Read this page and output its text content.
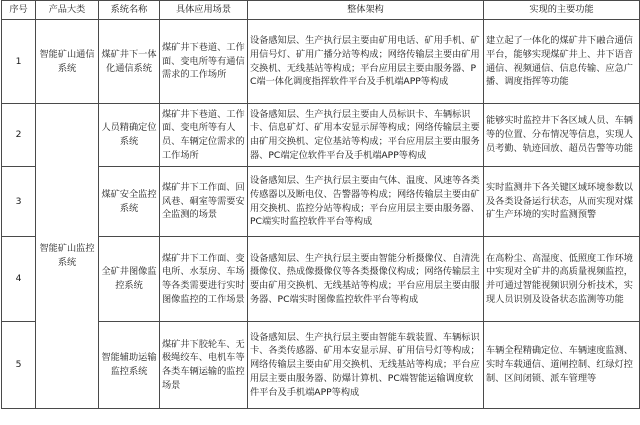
序号	产品大类	系统名称	具体应用场景	整体架构	实现的主要功能
1	智能矿山通信系统	煤矿井下一体化通信系统	煤矿井下巷道、工作面、变电所等有通信需求的工作场所	设备感知层、生产执行层主要由矿用电话、矿用手机、矿用信号灯、矿用广播分站等构成；网络传输层主要由矿用交换机、无线基站等构成；平台应用层主要由服务器、PC端一体化调度指挥软件平台及手机端APP等构成	建立起了一体化的煤矿井下融合通信平台，能够实现煤矿井上、井下语音通信、视频通信、信息传输、应急广播、调度指挥等功能
2	智能矿山监控系统	人员精确定位系统	煤矿井下巷道、工作面、变电所等有人员、车辆定位需求的工作场所	设备感知层、生产执行层主要由人员标识卡、车辆标识卡、信息矿灯、矿用本安显示屏等构成；网络传输层主要由矿用交换机、定位基站等构成；平台应用层主要由服务器、PC端定位软件平台及手机端APP等构成	能够实时监控井下各区域人员、车辆等的位置、分布情况等信息，实现人员考勤、轨迹回放、超员告警等功能
3		煤矿安全监控系统	煤矿井下工作面、回风巷、硐室等需要安全监测的场景	设备感知层、生产执行层主要由气体、温度、风速等各类传感器以及断电仪、告警器等构成；网络传输层主要由矿用交换机、监控分站等构成；平台应用层主要由服务器、PC端实时监控软件平台等构成	实时监测井下各关键区域环境参数以及各类设备运行状态，从而实现对煤矿生产环境的实时监测预警
4		全矿井图像监控系统	煤矿井下工作面、变电所、水泵房、车场等各类需要进行实时图像监控的工作场景	设备感知层、生产执行层主要由智能分析摄像仪、自清洗摄像仪、热成像摄像仪等各类摄像仪构成；网络传输层主要由矿用交换机、无线基站等构成；平台应用层主要由服务器、PC端实时图像监控软件平台等构成	在高粉尘、高湿度、低照度工作环境中实现对全矿井的高质量视频监控，并可通过智能视频识别分析技术，实现人员识别及设备状态监测等功能
5		智能辅助运输监控系统	煤矿井下胶轮车、无极绳绞车、电机车等各类车辆运输的监控场景	设备感知层、生产执行层主要由智能车载装置、车辆标识卡、各类传感器、矿用本安显示屏、矿用信号灯等构成；网络传输层主要由矿用交换机、无线基站等构成；平台应用层主要由服务器、防爆计算机、PC端智能运输调度软件平台及手机端APP等构成	车辆全程精确定位、车辆速度监测、实时车载通信、道闸控制、红绿灯控制、区间闭锁、派车管理等
